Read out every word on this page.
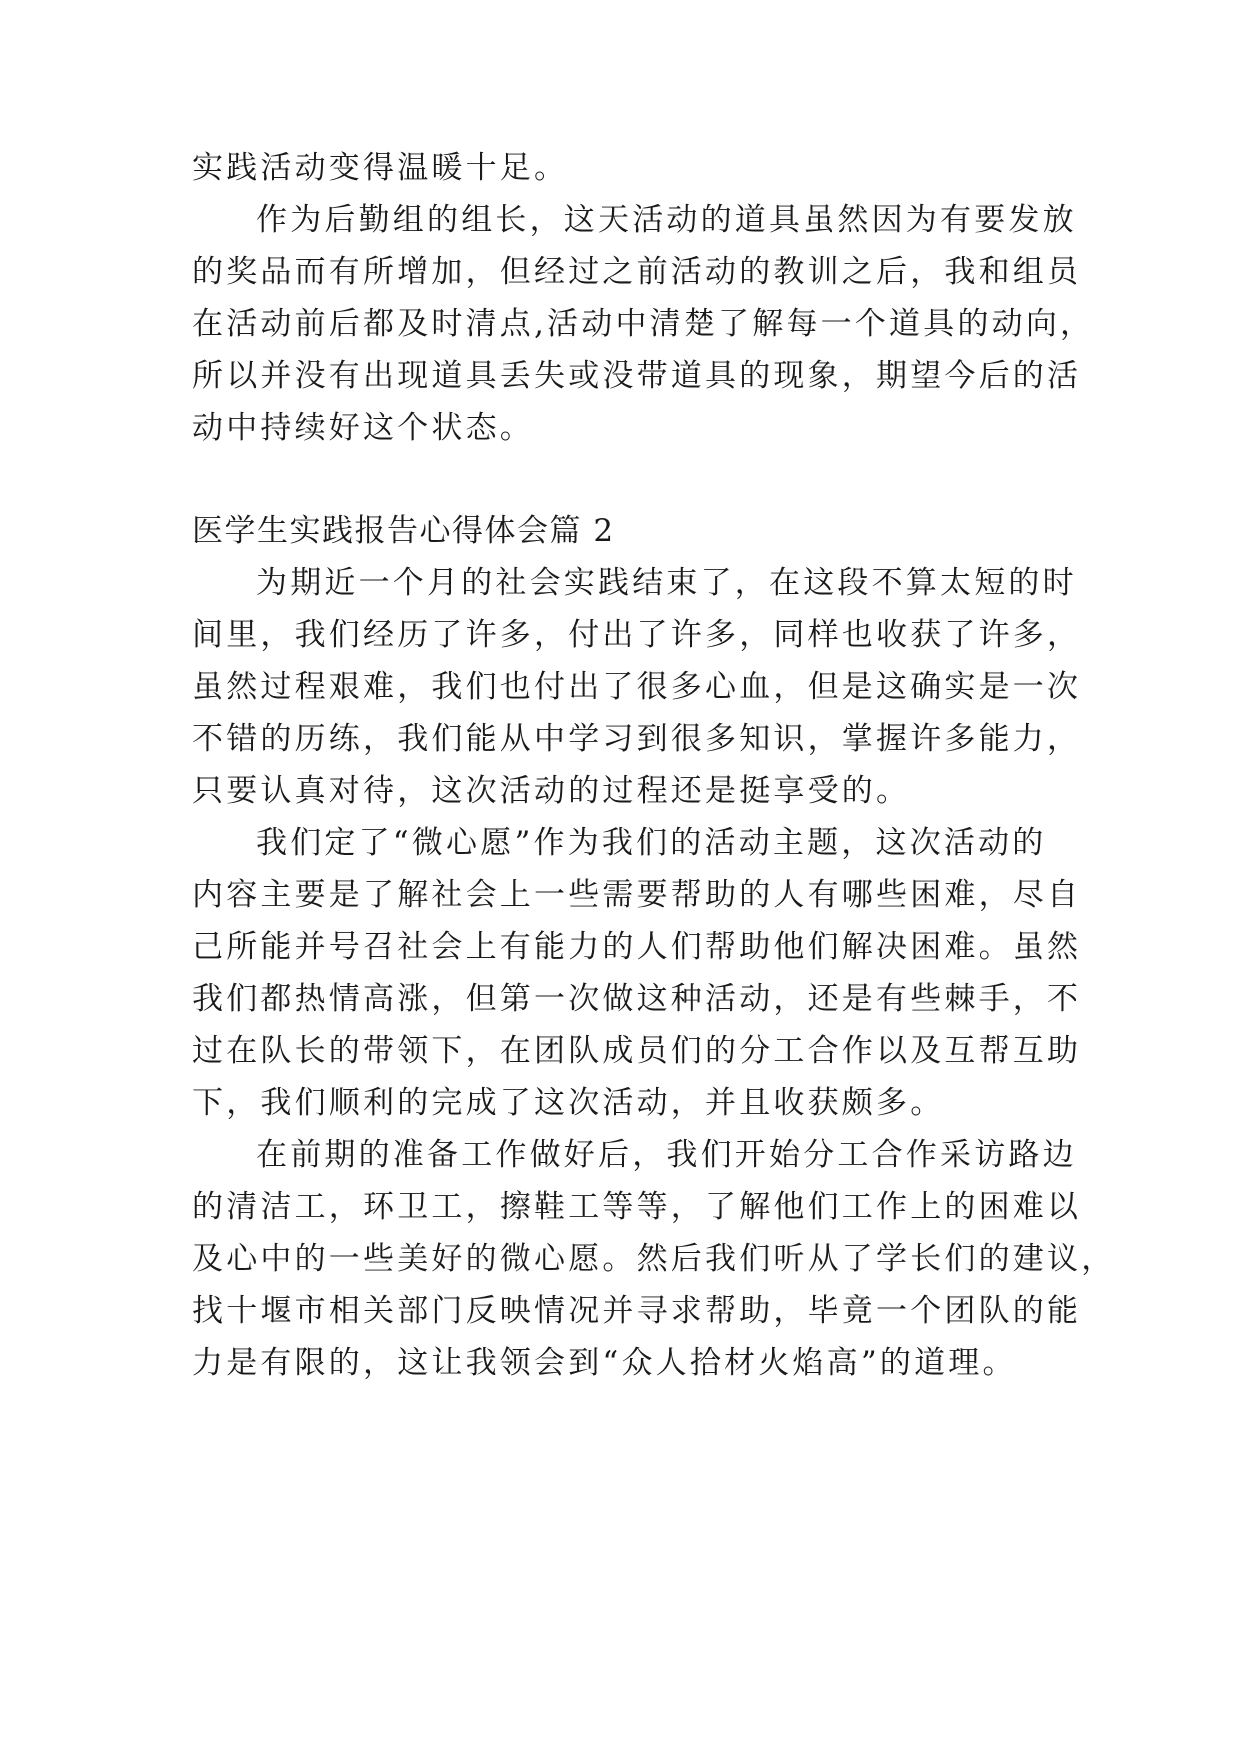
实践活动变得温暖十足。
作为后勤组的组长，这天活动的道具虽然因为有要发放
的奖品而有所增加，但经过之前活动的教训之后，我和组员
在活动前后都及时清点,活动中清楚了解每一个道具的动向，
所以并没有出现道具丢失或没带道具的现象，期望今后的活
动中持续好这个状态。
医学生实践报告心得体会篇 2
为期近一个月的社会实践结束了，在这段不算太短的时
间里，我们经历了许多，付出了许多，同样也收获了许多，
虽然过程艰难，我们也付出了很多心血，但是这确实是一次
不错的历练，我们能从中学习到很多知识，掌握许多能力，
只要认真对待，这次活动的过程还是挺享受的。
我们定了“微心愿”作为我们的活动主题，这次活动的
内容主要是了解社会上一些需要帮助的人有哪些困难，尽自
己所能并号召社会上有能力的人们帮助他们解决困难。虽然
我们都热情高涨，但第一次做这种活动，还是有些棘手，不
过在队长的带领下，在团队成员们的分工合作以及互帮互助
下，我们顺利的完成了这次活动，并且收获颇多。
在前期的准备工作做好后，我们开始分工合作采访路边
的清洁工，环卫工，擦鞋工等等，了解他们工作上的困难以
及心中的一些美好的微心愿。然后我们听从了学长们的建议，
找十堰市相关部门反映情况并寻求帮助，毕竟一个团队的能
力是有限的，这让我领会到“众人拾材火焰高”的道理。
